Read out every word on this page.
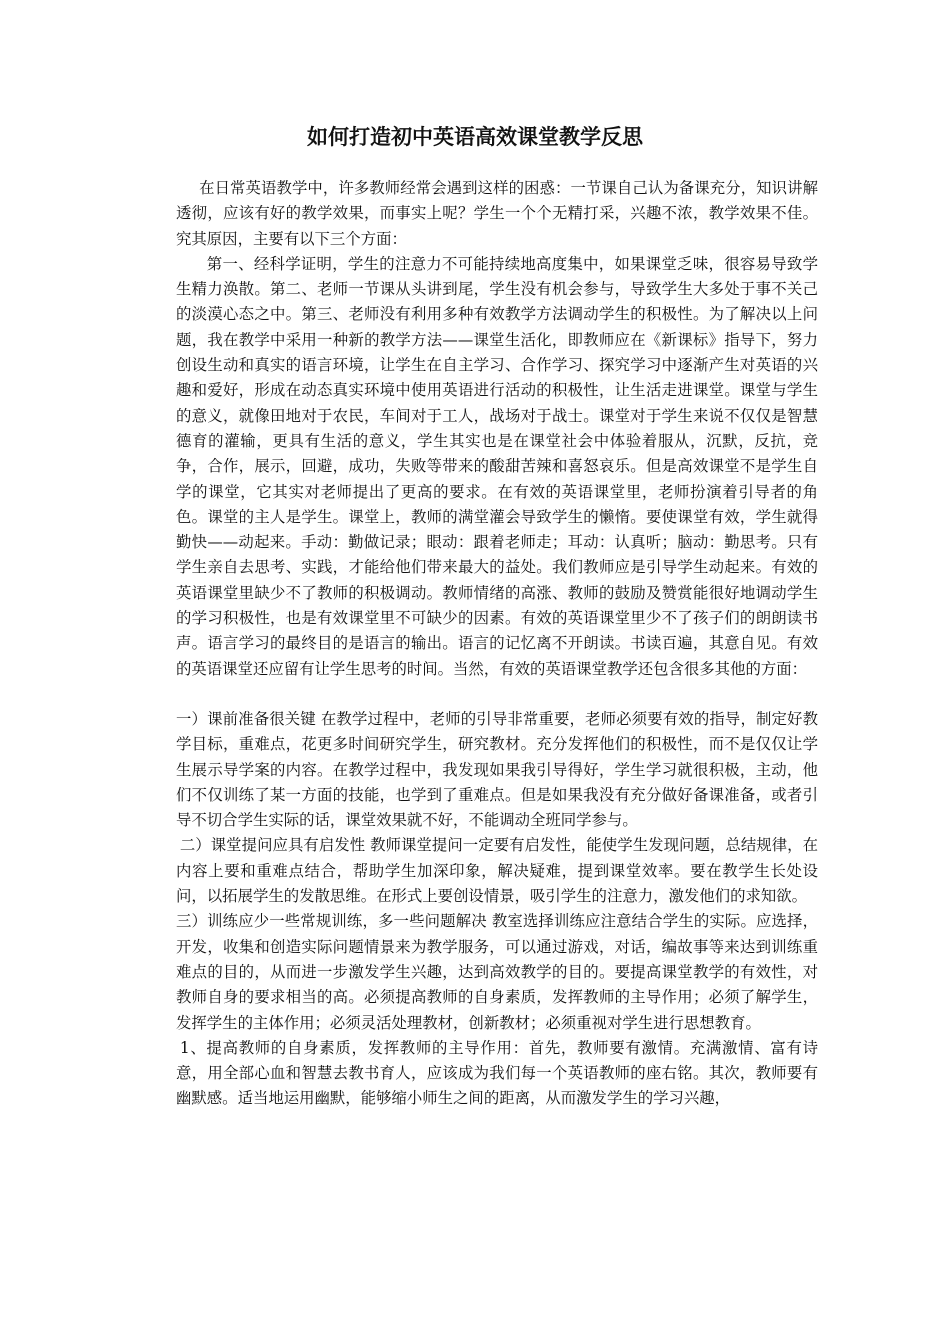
如何打造初中英语高效课堂教学反思

在日常英语教学中，许多教师经常会遇到这样的困惑：一节课自己认为备课充分，知识讲解透彻，应该有好的教学效果，而事实上呢？学生一个个无精打采，兴趣不浓，教学效果不佳。究其原因，主要有以下三个方面：

第一、经科学证明，学生的注意力不可能持续地高度集中，如果课堂乏味，很容易导致学生精力涣散。第二、老师一节课从头讲到尾，学生没有机会参与，导致学生大多处于事不关己的淡漠心态之中。第三、老师没有利用多种有效教学方法调动学生的积极性。为了解决以上问题，我在教学中采用一种新的教学方法——课堂生活化，即教师应在《新课标》指导下，努力创设生动和真实的语言环境，让学生在自主学习、合作学习、探究学习中逐渐产生对英语的兴趣和爱好，形成在动态真实环境中使用英语进行活动的积极性，让生活走进课堂。课堂与学生的意义，就像田地对于农民，车间对于工人，战场对于战士。课堂对于学生来说不仅仅是智慧德育的灌输，更具有生活的意义，学生其实也是在课堂社会中体验着服从，沉默，反抗，竞争，合作，展示，回避，成功，失败等带来的酸甜苦辣和喜怒哀乐。但是高效课堂不是学生自学的课堂，它其实对老师提出了更高的要求。在有效的英语课堂里，老师扮演着引导者的角色。课堂的主人是学生。课堂上，教师的满堂灌会导致学生的懒惰。要使课堂有效，学生就得勤快——动起来。手动：勤做记录；眼动：跟着老师走；耳动：认真听；脑动：勤思考。只有学生亲自去思考、实践，才能给他们带来最大的益处。我们教师应是引导学生动起来。有效的英语课堂里缺少不了教师的积极调动。教师情绪的高涨、教师的鼓励及赞赏能很好地调动学生的学习积极性，也是有效课堂里不可缺少的因素。有效的英语课堂里少不了孩子们的朗朗读书声。语言学习的最终目的是语言的输出。语言的记忆离不开朗读。书读百遍，其意自见。有效的英语课堂还应留有让学生思考的时间。当然，有效的英语课堂教学还包含很多其他的方面：

一）课前准备很关键 在教学过程中，老师的引导非常重要，老师必须要有效的指导，制定好教学目标，重难点，花更多时间研究学生，研究教材。充分发挥他们的积极性，而不是仅仅让学生展示导学案的内容。在教学过程中，我发现如果我引导得好，学生学习就很积极，主动，他们不仅训练了某一方面的技能，也学到了重难点。但是如果我没有充分做好备课准备，或者引导不切合学生实际的话，课堂效果就不好，不能调动全班同学参与。

二）课堂提问应具有启发性 教师课堂提问一定要有启发性，能使学生发现问题，总结规律，在内容上要和重难点结合，帮助学生加深印象，解决疑难，提到课堂效率。要在教学生长处设问，以拓展学生的发散思维。在形式上要创设情景，吸引学生的注意力，激发他们的求知欲。

三）训练应少一些常规训练，多一些问题解决 教室选择训练应注意结合学生的实际。应选择，开发，收集和创造实际问题情景来为教学服务，可以通过游戏，对话，编故事等来达到训练重难点的目的，从而进一步激发学生兴趣，达到高效教学的目的。要提高课堂教学的有效性，对教师自身的要求相当的高。必须提高教师的自身素质，发挥教师的主导作用；必须了解学生，发挥学生的主体作用；必须灵活处理教材，创新教材；必须重视对学生进行思想教育。

1、提高教师的自身素质，发挥教师的主导作用：首先，教师要有激情。充满激情、富有诗意，用全部心血和智慧去教书育人，应该成为我们每一个英语教师的座右铭。其次，教师要有幽默感。适当地运用幽默，能够缩小师生之间的距离，从而激发学生的学习兴趣，
